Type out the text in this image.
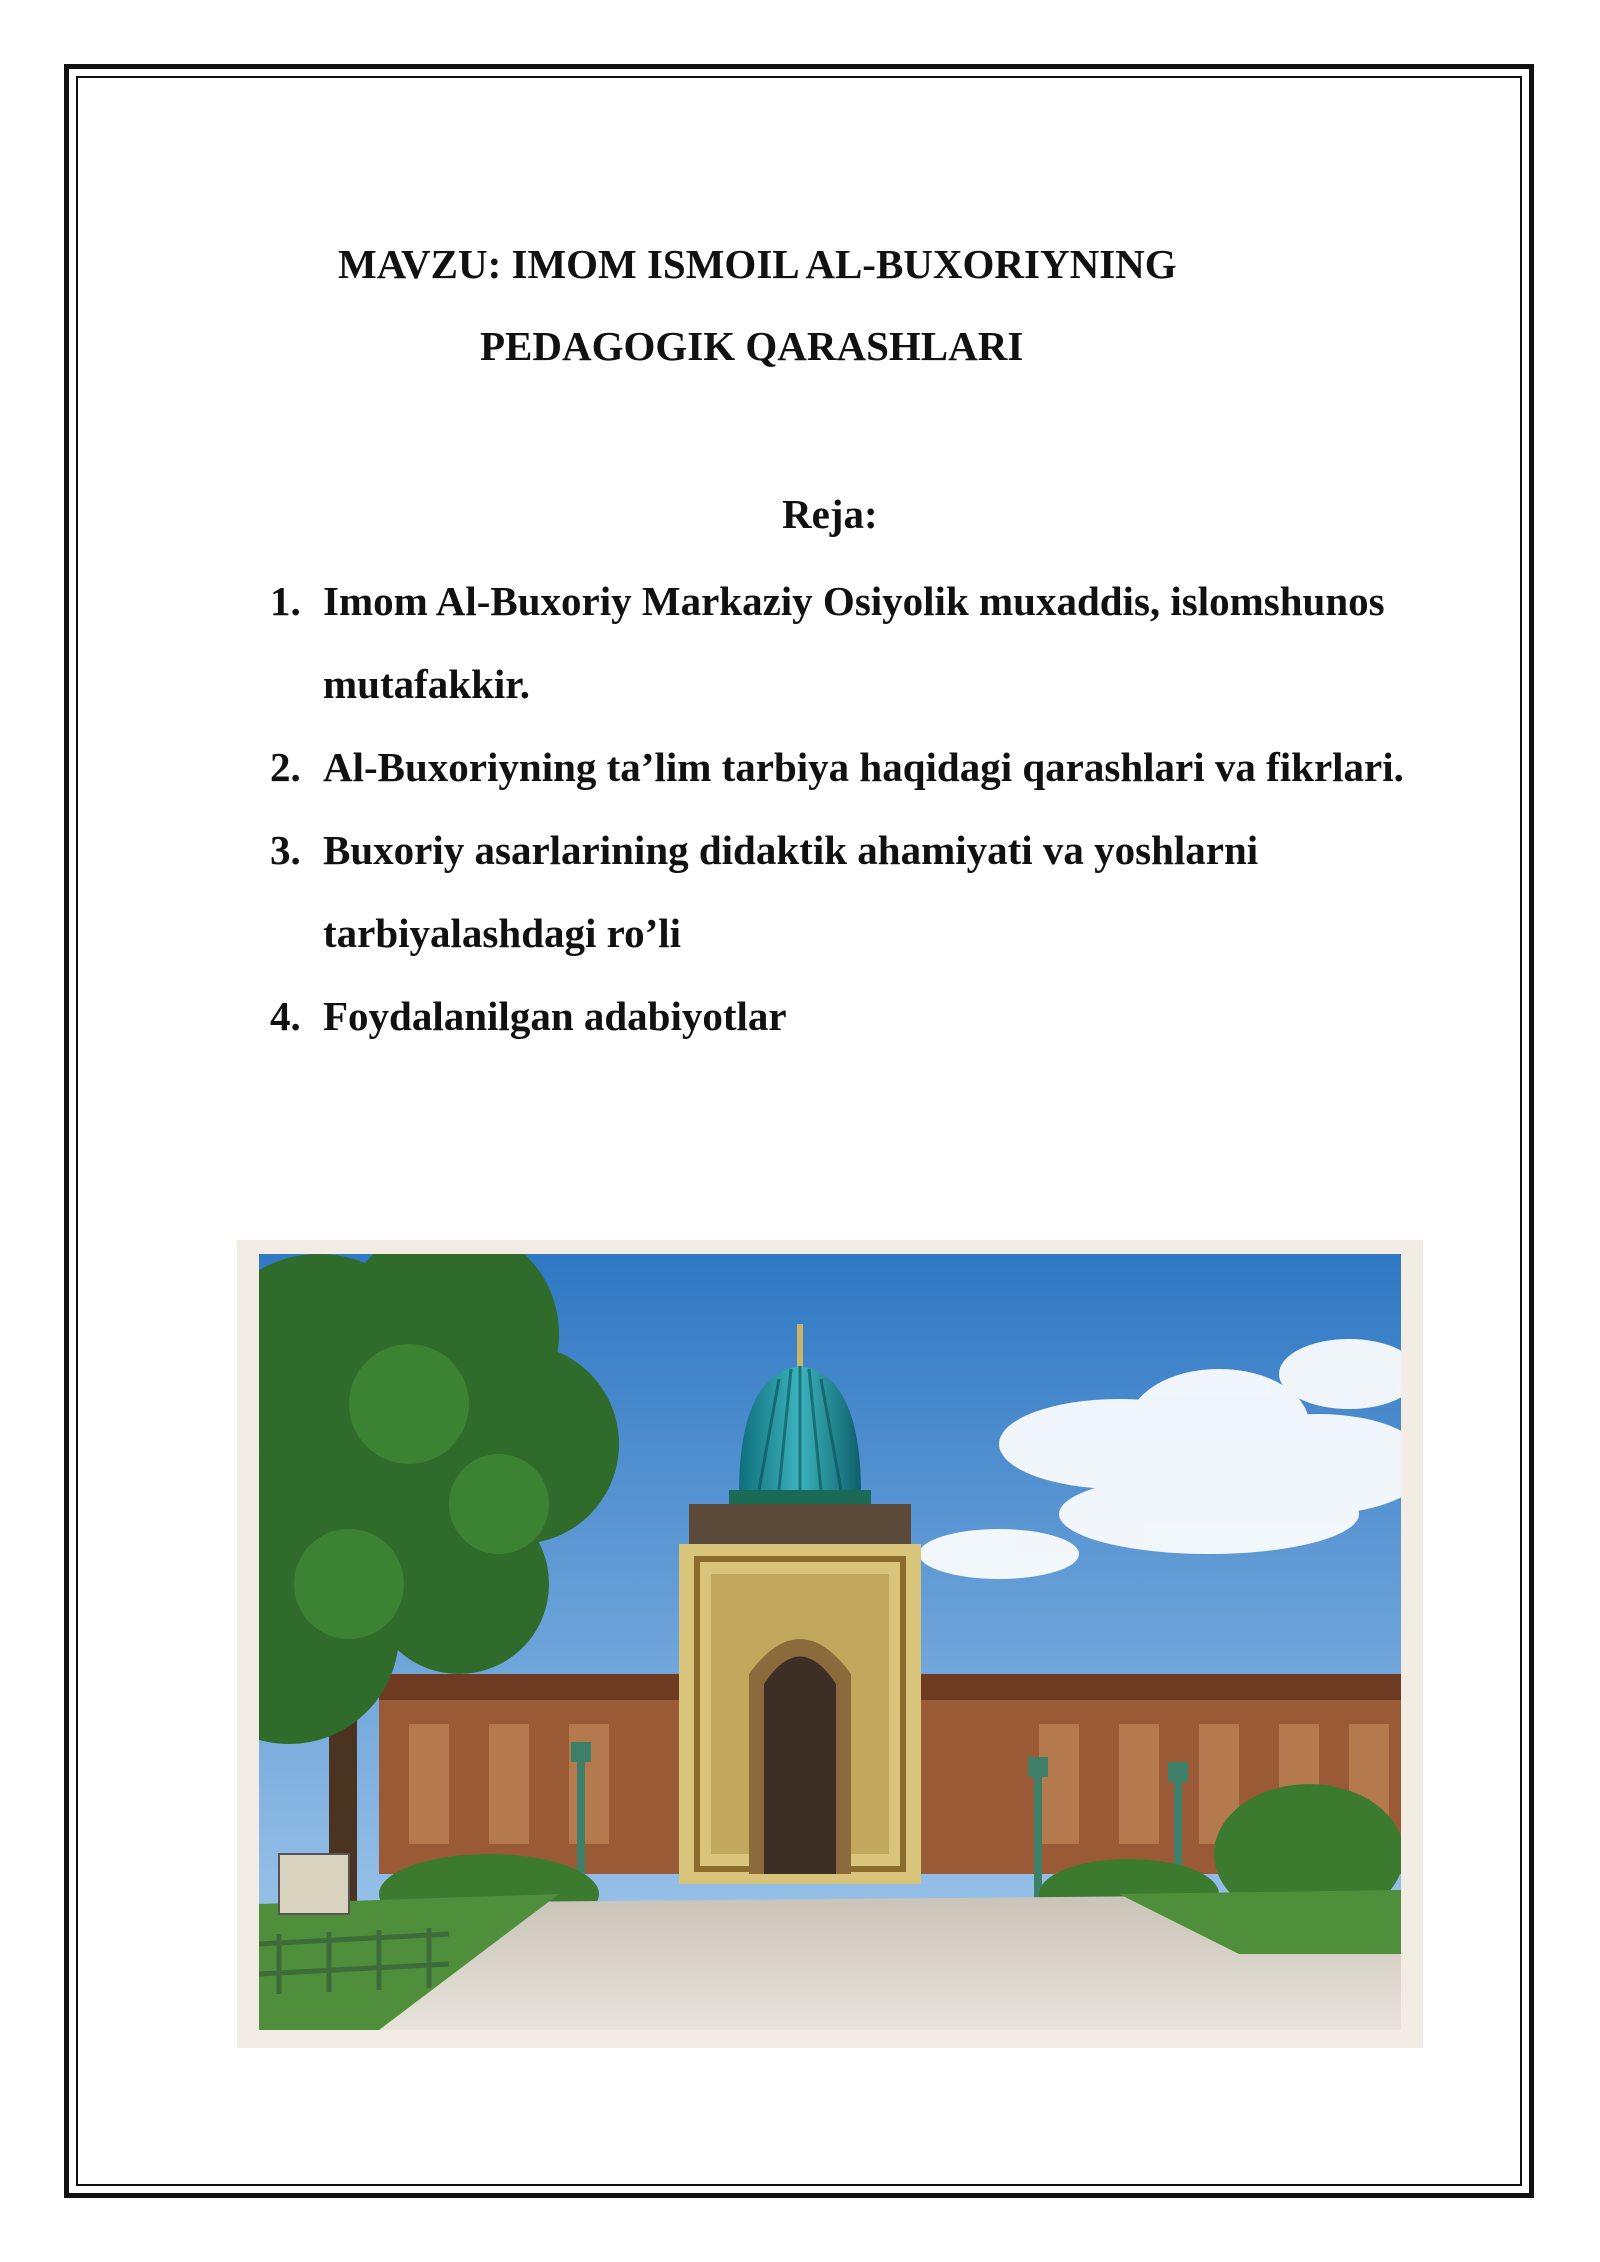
MAVZU: IMOM ISMOIL AL-BUXORIYNING
PEDAGOGIK QARASHLARI
Reja:
1. Imom Al-Buxoriy Markaziy Osiyolik muxaddis, islomshunos mutafakkir.
2. Al-Buxoriyning ta’lim tarbiya haqidagi qarashlari va fikrlari.
3. Buxoriy asarlarining didaktik ahamiyati va yoshlarni tarbiyalashdagi ro’li
4. Foydalanilgan adabiyotlar
